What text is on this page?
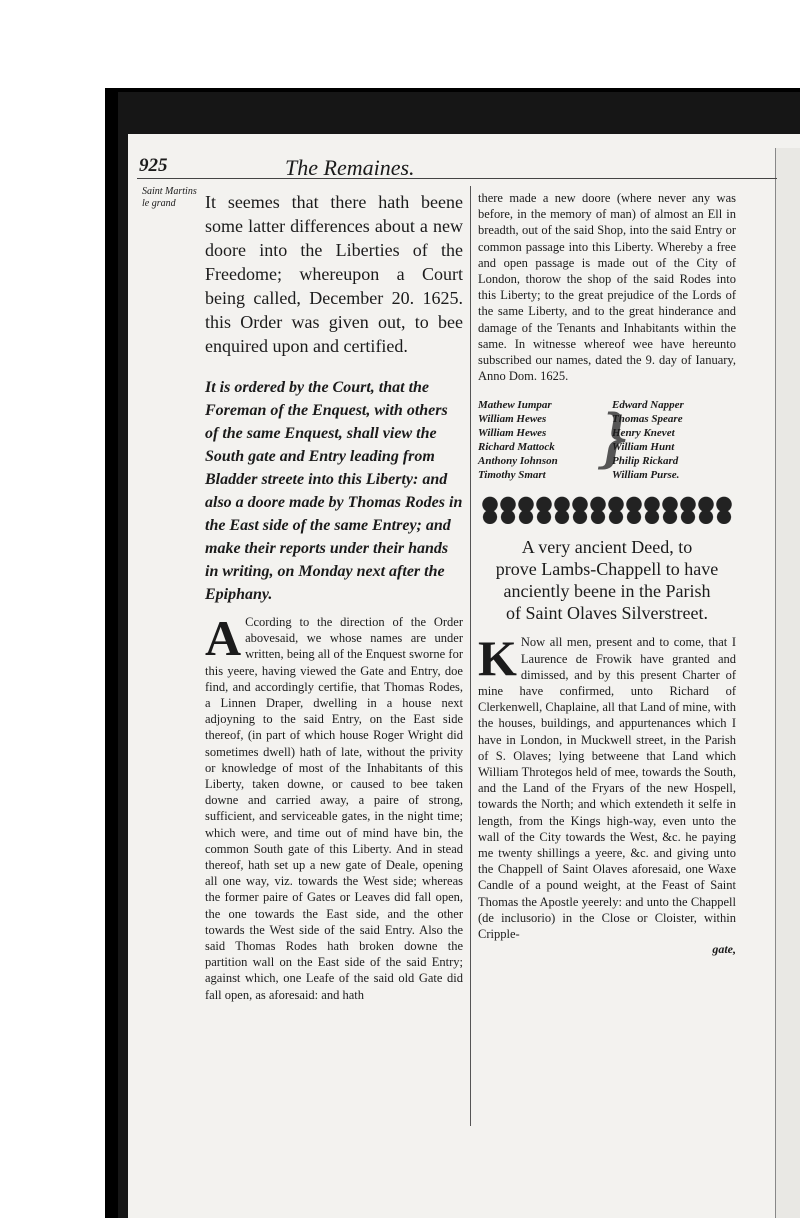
925	The Remaines.
Saint Martins le grand	It seemes that there hath beene some latter differences about a new doore into the Liberties of the Freedome; whereupon a Court being called, December 20. 1625. this Order was given out, to bee enquired upon and certified.

It is ordered by the Court, that the Foreman of the Enquest, with others of the same Enquest, shall view the South gate and Entry leading from Bladder streete into this Liberty: and also a doore made by Thomas Rodes in the East side of the same Entrey; and make their reports under their hands in writing, on Monday next after the Epiphany.

A Ccording to the direction of the Order abovesaid, we whose names are under written, being all of the Enquest sworne for this yeere, having viewed the Gate and Entry, doe find, and accordingly certifie, that Thomas Rodes, a Linnen Draper, dwelling in a house next adjoyning to the said Entry, on the East side thereof, (in part of which house Roger Wright did sometimes dwell) hath of late, without the privity or knowledge of most of the Inhabitants of this Liberty, taken downe, or caused to bee taken downe and carried away, a paire of strong, sufficient, and serviceable gates, in the night time; which were, and time out of mind have bin, the common South gate of this Liberty. And in stead thereof, hath set up a new gate of Deale, opening all one way, viz. towards the West side; whereas the former paire of Gates or Leaves did fall open, the one towards the East side, and the other towards the West side of the said Entry. Also the said Thomas Rodes hath broken downe the partition wall on the East side of the said Entry; against which, one Leafe of the said old Gate did fall open, as aforesaid: and hath

there made a new doore (where never any was before, in the memory of man) of almost an Ell in breadth, out of the said Shop, into the said Entry or common passage into this Liberty. Whereby a free and open passage is made out of the City of London, thorow the shop of the said Rodes into this Liberty; to the great prejudice of the Lords of the same Liberty, and to the great hinderance and damage of the Tenants and Inhabitants within the same. In witnesse whereof wee have hereunto subscribed our names, dated the 9. day of Ianuary, Anno Dom. 1625.

Mathew Iumpar
William Hewes
William Hewes
Richard Mattock
Anthony Iohnson
Timothy Smart }
Edward Napper
Thomas Speare
Henry Knevet
William Hunt
Philip Rickard
William Purse.
A very ancient Deed, to
prove Lambs-Chappell to have
anciently beene in the Parish
of Saint Olaves Silverstreet.
K Now all men, present and to come, that I Laurence de Frowik have granted and dimissed, and by this present Charter of mine have confirmed, unto Richard of Clerkenwell, Chaplaine, all that Land of mine, with the houses, buildings, and appurtenances which I have in London, in Muckwell street, in the Parish of S. Olaves; lying betweene that Land which William Throtegos held of mee, towards the South, and the Land of the Fryars of the new Hospell, towards the North; and which extendeth it selfe in length, from the Kings high-way, even unto the wall of the City towards the West, &c. he paying me twenty shillings a yeere, &c. and giving unto the Chappell of Saint Olaves aforesaid, one Waxe Candle of a pound weight, at the Feast of Saint Thomas the Apostle yeerely: and unto the Chappell (de inclusorio) in the Close or Cloister, within Cripple-

gate,
